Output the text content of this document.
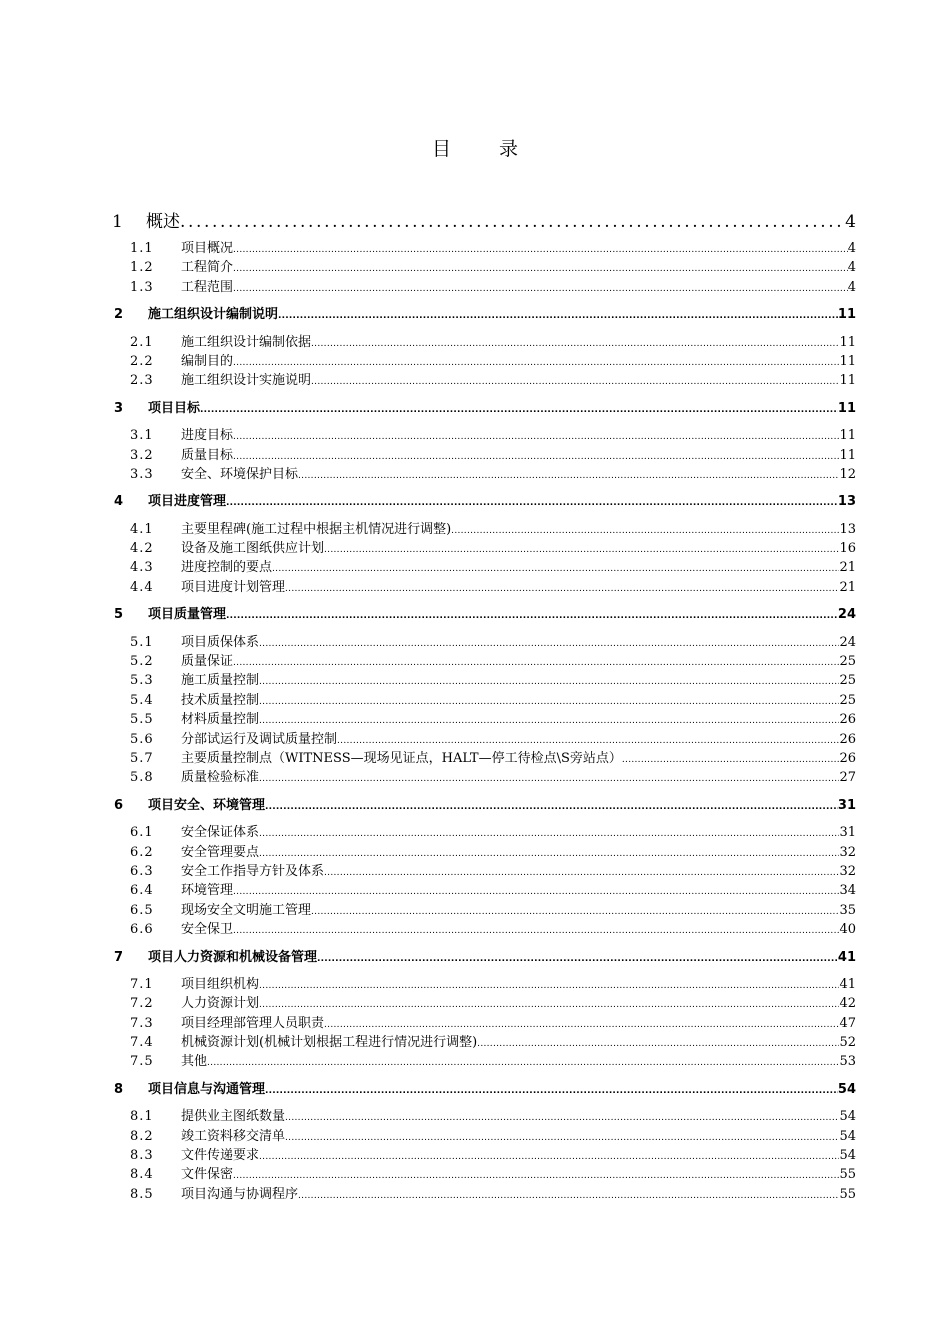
目	录
1	概述 .....	4
1.1	项目概况 .....	4
1.2	工程简介 .....	4
1.3	工程范围 .....	4
2	施工组织设计编制说明 .....	11
2.1	施工组织设计编制依据 .....	11
2.2	编制目的 .....	11
2.3	施工组织设计实施说明 .....	11
3	项目目标 .....	11
3.1	进度目标 .....	11
3.2	质量目标 .....	11
3.3	安全、环境保护目标 .....	12
4	项目进度管理 .....	13
4.1	主要里程碑(施工过程中根据主机情况进行调整) .....	13
4.2	设备及施工图纸供应计划 .....	16
4.3	进度控制的要点 .....	21
4.4	项目进度计划管理 .....	21
5	项目质量管理 .....	24
5.1	项目质保体系 .....	24
5.2	质量保证 .....	25
5.3	施工质量控制 .....	25
5.4	技术质量控制 .....	25
5.5	材料质量控制 .....	26
5.6	分部试运行及调试质量控制 .....	26
5.7	主要质量控制点（WITNESS—现场见证点，HALT—停工待检点\S旁站点） .....	26
5.8	质量检验标准 .....	27
6	项目安全、环境管理 .....	31
6.1	安全保证体系 .....	31
6.2	安全管理要点 .....	32
6.3	安全工作指导方针及体系 .....	32
6.4	环境管理 .....	34
6.5	现场安全文明施工管理 .....	35
6.6	安全保卫 .....	40
7	项目人力资源和机械设备管理 .....	41
7.1	项目组织机构 .....	41
7.2	人力资源计划 .....	42
7.3	项目经理部管理人员职责 .....	47
7.4	机械资源计划(机械计划根据工程进行情况进行调整) .....	52
7.5	其他 .....	53
8	项目信息与沟通管理 .....	54
8.1	提供业主图纸数量 .....	54
8.2	竣工资料移交清单 .....	54
8.3	文件传递要求 .....	54
8.4	文件保密 .....	55
8.5	项目沟通与协调程序 .....	55
